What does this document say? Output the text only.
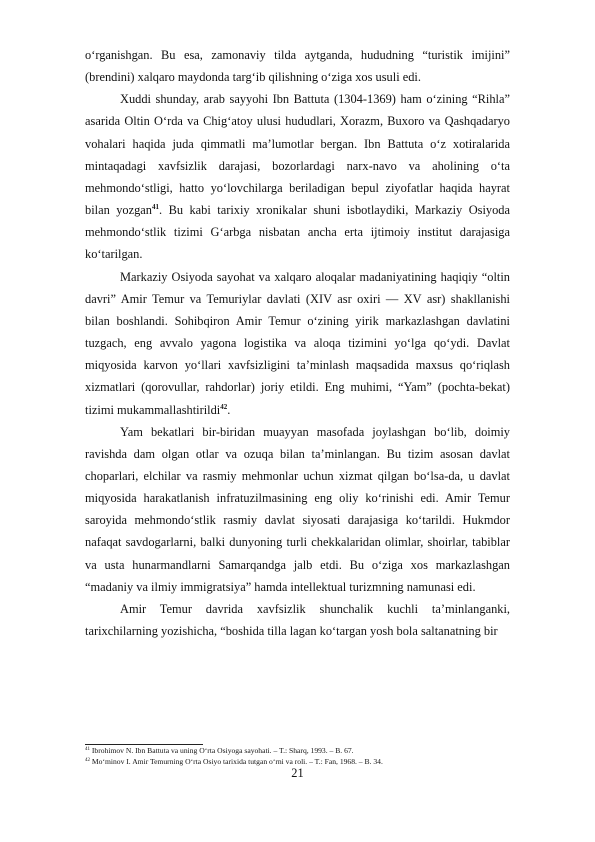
o‘rganishgan. Bu esa, zamonaviy tilda aytganda, hududning “turistik imijini” (brendini) xalqaro maydonda targ‘ib qilishning o‘ziga xos usuli edi.

Xuddi shunday, arab sayyohi Ibn Battuta (1304-1369) ham o‘zining “Rihla” asarida Oltin O‘rda va Chig‘atoy ulusi hududlari, Xorazm, Buxoro va Qashqadaryo vohalari haqida juda qimmatli ma’lumotlar bergan. Ibn Battuta o‘z xotiralarida mintaqadagi xavfsizlik darajasi, bozorlardagi narx-navo va aholining o‘ta mehmondo‘stligi, hatto yo‘lovchilarga beriladigan bepul ziyofatlar haqida hayrat bilan yozgan$^{41}$. Bu kabi tarixiy xronikalar shuni isbotlaydiki, Markaziy Osiyoda mehmondo‘stlik tizimi G‘arbga nisbatan ancha erta ijtimoiy institut darajasiga ko‘tarilgan.

Markaziy Osiyoda sayohat va xalqaro aloqalar madaniyatining haqiqiy “oltin davri” Amir Temur va Temuriylar davlati (XIV asr oxiri — XV asr) shakllanishi bilan boshlandi. Sohibqiron Amir Temur o‘zining yirik markazlashgan davlatini tuzgach, eng avvalo yagona logistika va aloqa tizimini yo‘lga qo‘ydi. Davlat miqyosida karvon yo‘llari xavfsizligini ta’minlash maqsadida maxsus qo‘riqlash xizmatlari (qorovullar, rahdorlar) joriy etildi. Eng muhimi, “Yam” (pochta-bekat) tizimi mukammallashtirildi$^{42}$.

Yam bekatlari bir-biridan muayyan masofada joylashgan bo‘lib, doimiy ravishda dam olgan otlar va ozuqa bilan ta’minlangan. Bu tizim asosan davlat choparlari, elchilar va rasmiy mehmonlar uchun xizmat qilgan bo‘lsa-da, u davlat miqyosida harakatlanish infratuzilmasining eng oliy ko‘rinishi edi. Amir Temur saroyida mehmondo‘stlik rasmiy davlat siyosati darajasiga ko‘tarildi. Hukmdor nafaqat savdogarlarni, balki dunyoning turli chekkalaridan olimlar, shoirlar, tabiblar va usta hunarmandlarni Samarqandga jalb etdi. Bu o‘ziga xos markazlashgan “madaniy va ilmiy immigratsiya” hamda intellektual turizmning namunasi edi.

Amir Temur davrida xavfsizlik shunchalik kuchli ta’minlanganki, tarixchilarning yozishicha, “boshida tilla lagan ko‘targan yosh bola saltanatning bir

$^{41}$ Ibrohimov N. Ibn Battuta va uning O‘rta Osiyoga sayohati. – T.: Sharq, 1993. – B. 67.

$^{42}$ Mo‘minov I. Amir Temurning O‘rta Osiyo tarixida tutgan o‘rni va roli. – T.: Fan, 1968. – B. 34.

21
